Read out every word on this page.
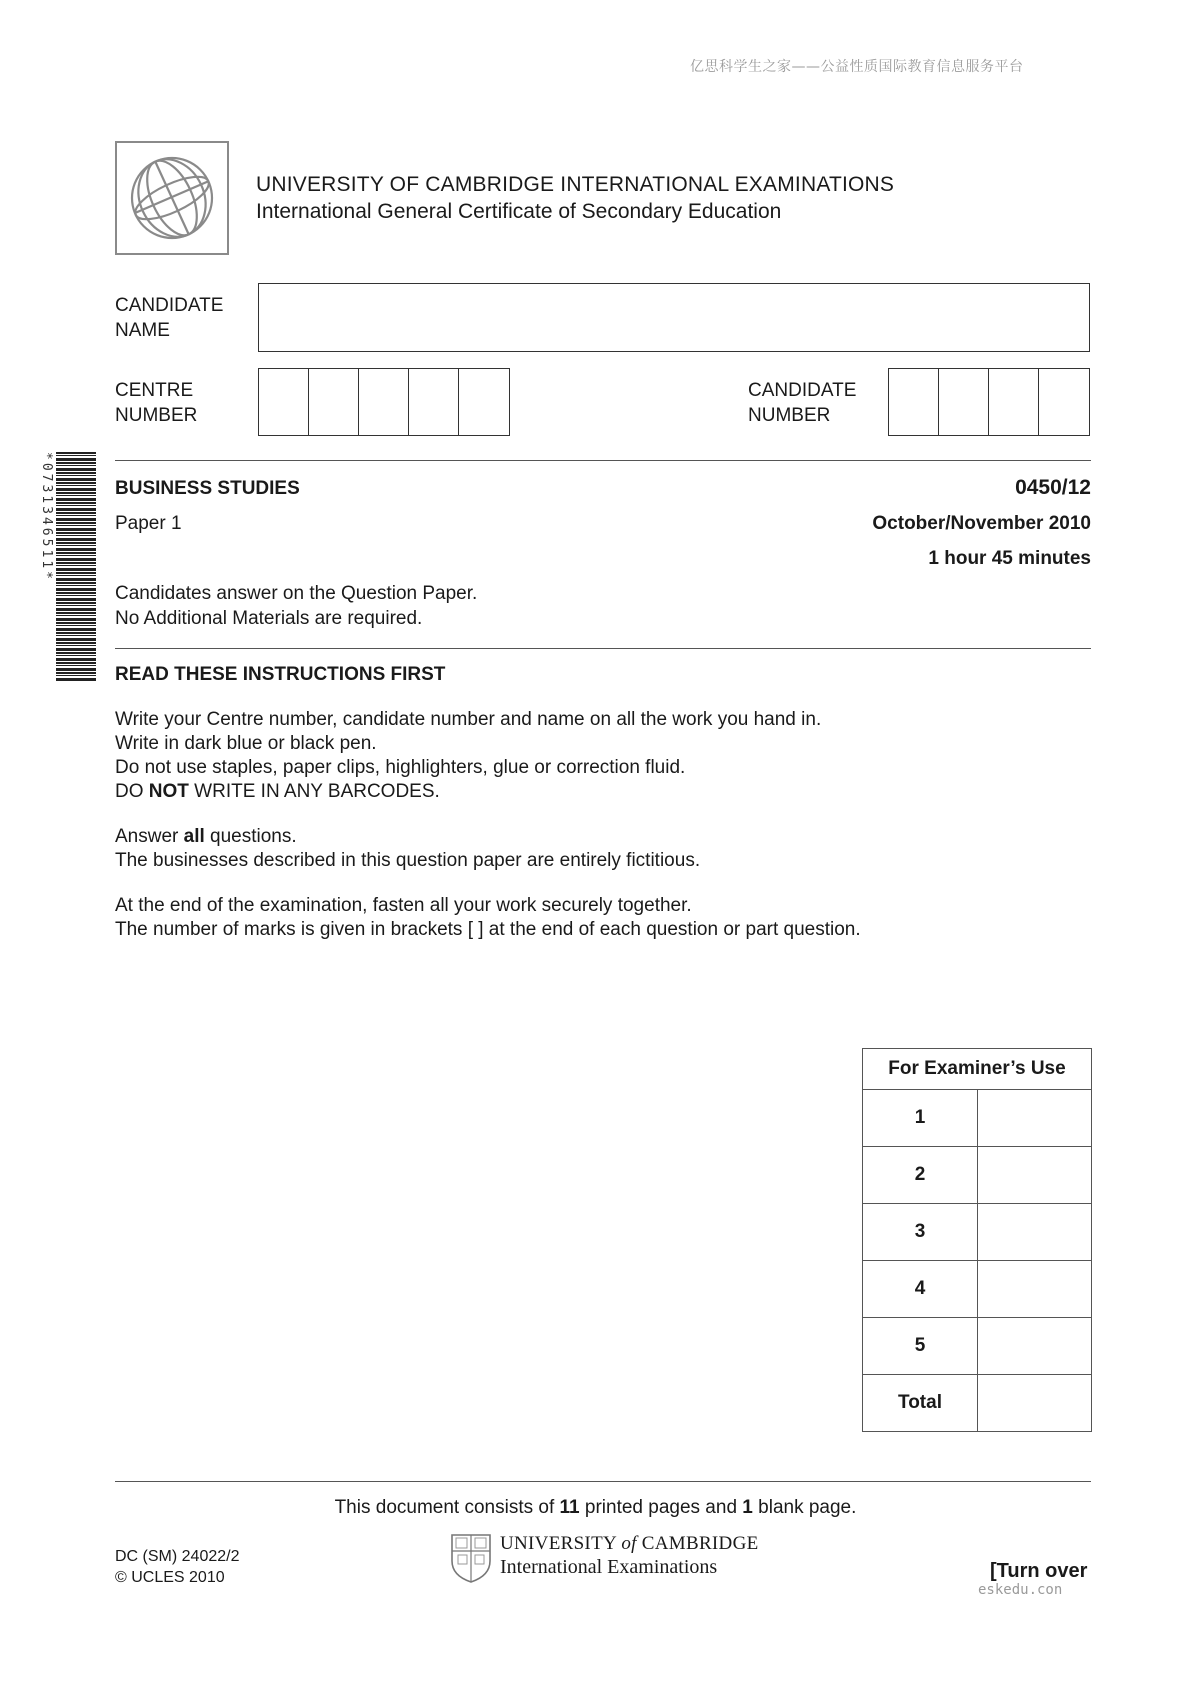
亿思科学生之家——公益性质国际教育信息服务平台
UNIVERSITY OF CAMBRIDGE INTERNATIONAL EXAMINATIONS
International General Certificate of Secondary Education
CANDIDATE
NAME
CENTRE
NUMBER
CANDIDATE
NUMBER
*0731346511*	BUSINESS STUDIES	0450/12
Paper 1	October/November 2010
1 hour 45 minutes
Candidates answer on the Question Paper.
No Additional Materials are required.
READ THESE INSTRUCTIONS FIRST

Write your Centre number, candidate number and name on all the work you hand in.

Write in dark blue or black pen.

Do not use staples, paper clips, highlighters, glue or correction fluid.

DO NOT WRITE IN ANY BARCODES.

Answer all questions.

The businesses described in this question paper are entirely fictitious.

At the end of the examination, fasten all your work securely together.

The number of marks is given in brackets [ ] at the end of each question or part question.

For Examiner’s Use	
1	
2	
3	
4	
5	
Total	
This document consists of 11 printed pages and 1 blank page.
DC (SM) 24022/2
© UCLES 2010
UNIVERSITY of CAMBRIDGE
International Examinations	[Turn over
eskedu.con
